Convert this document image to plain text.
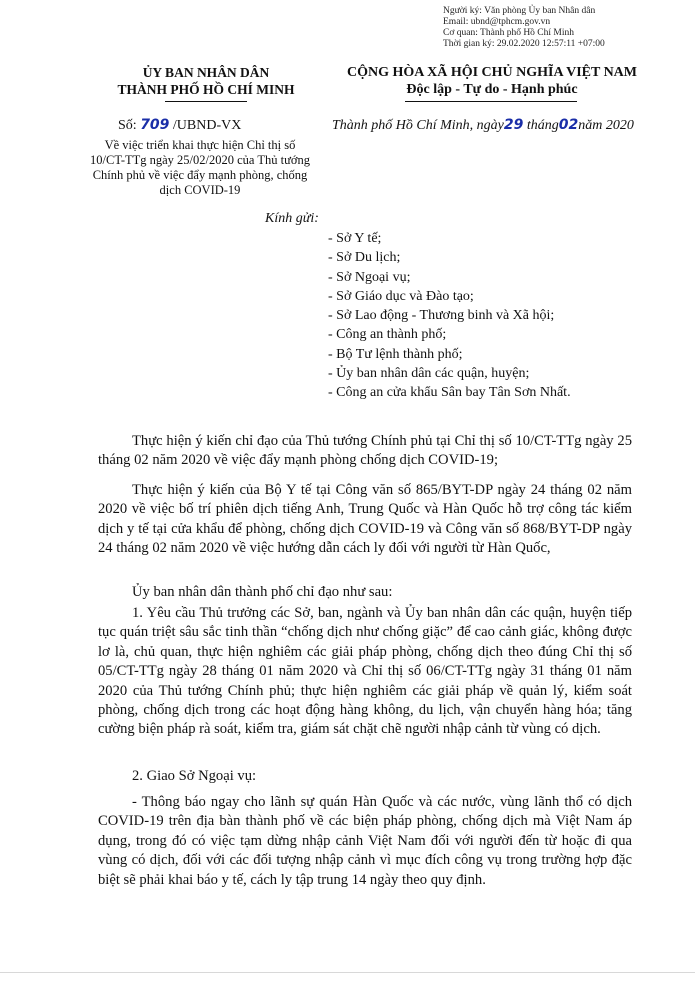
Người ký: Văn phòng Ủy ban Nhân dân
Email: ubnd@tphcm.gov.vn
Cơ quan: Thành phố Hồ Chí Minh
Thời gian ký: 29.02.2020 12:57:11 +07:00
ỦY BAN NHÂN DÂN
THÀNH PHỐ HỒ CHÍ MINH
CỘNG HÒA XÃ HỘI CHỦ NGHĨA VIỆT NAM
Độc lập - Tự do - Hạnh phúc
Số: 709 /UBND-VX
Về việc triển khai thực hiện Chỉ thị số
10/CT-TTg ngày 25/02/2020 của Thủ tướng
Chính phủ về việc đẩy mạnh phòng, chống
dịch COVID-19
Thành phố Hồ Chí Minh, ngày29 tháng02năm 2020
Kính gửi:
- Sở Y tế;
- Sở Du lịch;
- Sở Ngoại vụ;
- Sở Giáo dục và Đào tạo;
- Sở Lao động - Thương binh và Xã hội;
- Công an thành phố;
- Bộ Tư lệnh thành phố;
- Ủy ban nhân dân các quận, huyện;
- Công an cửa khẩu Sân bay Tân Sơn Nhất.

Thực hiện ý kiến chỉ đạo của Thủ tướng Chính phủ tại Chỉ thị số 10/CT-TTg ngày 25 tháng 02 năm 2020 về việc đẩy mạnh phòng chống dịch COVID-19;

Thực hiện ý kiến của Bộ Y tế tại Công văn số 865/BYT-DP ngày 24 tháng 02 năm 2020 về việc bố trí phiên dịch tiếng Anh, Trung Quốc và Hàn Quốc hỗ trợ công tác kiểm dịch y tế tại cửa khẩu để phòng, chống dịch COVID-19 và Công văn số 868/BYT-DP ngày 24 tháng 02 năm 2020 về việc hướng dẫn cách ly đối với người từ Hàn Quốc,

Ủy ban nhân dân thành phố chỉ đạo như sau:

1. Yêu cầu Thủ trưởng các Sở, ban, ngành và Ủy ban nhân dân các quận, huyện tiếp tục quán triệt sâu sắc tinh thần “chống dịch như chống giặc” để cao cảnh giác, không được lơ là, chủ quan, thực hiện nghiêm các giải pháp phòng, chống dịch theo đúng Chỉ thị số 05/CT-TTg ngày 28 tháng 01 năm 2020 và Chỉ thị số 06/CT-TTg ngày 31 tháng 01 năm 2020 của Thủ tướng Chính phủ; thực hiện nghiêm các giải pháp về quản lý, kiểm soát phòng, chống dịch trong các hoạt động hàng không, du lịch, vận chuyển hàng hóa; tăng cường biện pháp rà soát, kiểm tra, giám sát chặt chẽ người nhập cảnh từ vùng có dịch.

2. Giao Sở Ngoại vụ:

- Thông báo ngay cho lãnh sự quán Hàn Quốc và các nước, vùng lãnh thổ có dịch COVID-19 trên địa bàn thành phố về các biện pháp phòng, chống dịch mà Việt Nam áp dụng, trong đó có việc tạm dừng nhập cảnh Việt Nam đối với người đến từ hoặc đi qua vùng có dịch, đối với các đối tượng nhập cảnh vì mục đích công vụ trong trường hợp đặc biệt sẽ phải khai báo y tế, cách ly tập trung 14 ngày theo quy định.
